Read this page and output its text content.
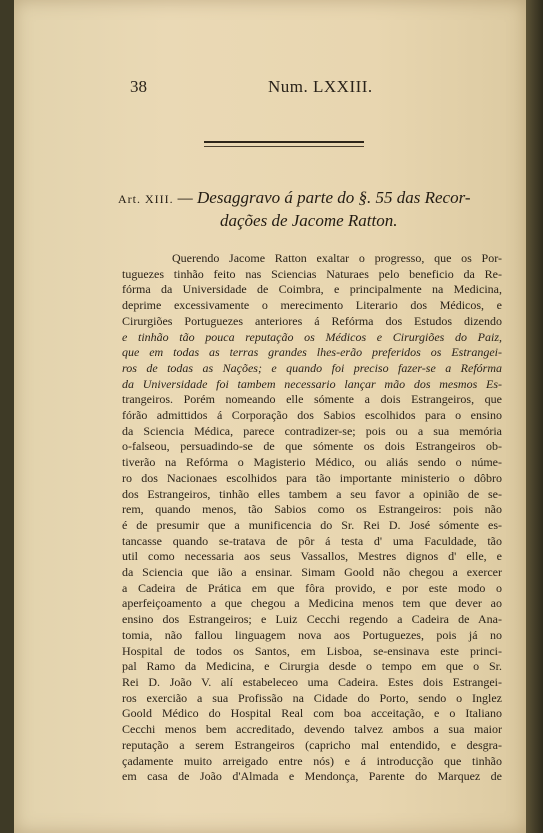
38	Num. LXXIII.
Art. XIII. — Desaggravo á parte do §. 55 das Recor-
dações de Jacome Ratton.
Querendo Jacome Ratton exaltar o progresso, que os Por-
tuguezes tinhão feito nas Sciencias Naturaes pelo beneficio da Re-
fórma da Universidade de Coimbra, e principalmente na Medicina,
deprime excessivamente o merecimento Literario dos Médicos, e
Cirurgiões Portuguezes anteriores á Refórma dos Estudos dizendo
e tinhão tão pouca reputação os Médicos e Cirurgiões do Paiz,
que em todas as terras grandes lhes-erão preferidos os Estrangei-
ros de todas as Nações; e quando foi preciso fazer-se a Refórma
da Universidade foi tambem necessario lançar mão dos mesmos Es-
trangeiros. Porém nomeando elle sómente a dois Estrangeiros, que
fórão admittidos á Corporação dos Sabios escolhidos para o ensino
da Sciencia Médica, parece contradizer-se; pois ou a sua memória
o-falseou, persuadindo-se de que sómente os dois Estrangeiros ob-
tiverão na Refórma o Magisterio Médico, ou aliás sendo o núme-
ro dos Nacionaes escolhidos para tão importante ministerio o dôbro
dos Estrangeiros, tinhão elles tambem a seu favor a opinião de se-
rem, quando menos, tão Sabios como os Estrangeiros: pois não
é de presumir que a munificencia do Sr. Rei D. José sómente es-
tancasse quando se-tratava de pôr á testa d' uma Faculdade, tão
util como necessaria aos seus Vassallos, Mestres dignos d' elle, e
da Sciencia que ião a ensinar. Simam Goold não chegou a exercer
a Cadeira de Prática em que fôra provido, e por este modo o
aperfeiçoamento a que chegou a Medicina menos tem que dever ao
ensino dos Estrangeiros; e Luiz Cecchi regendo a Cadeira de Ana-
tomia, não fallou linguagem nova aos Portuguezes, pois já no
Hospital de todos os Santos, em Lisboa, se-ensinava este princi-
pal Ramo da Medicina, e Cirurgia desde o tempo em que o Sr.
Rei D. João V. alí estabeleceo uma Cadeira. Estes dois Estrangei-
ros exercião a sua Profissão na Cidade do Porto, sendo o Inglez
Goold Médico do Hospital Real com boa acceitação, e o Italiano
Cecchi menos bem accreditado, devendo talvez ambos a sua maior
reputação a serem Estrangeiros (capricho mal entendido, e desgra-
çadamente muito arreigado entre nós) e á introducção que tinhão
em casa de João d'Almada e Mendonça, Parente do Marquez de
